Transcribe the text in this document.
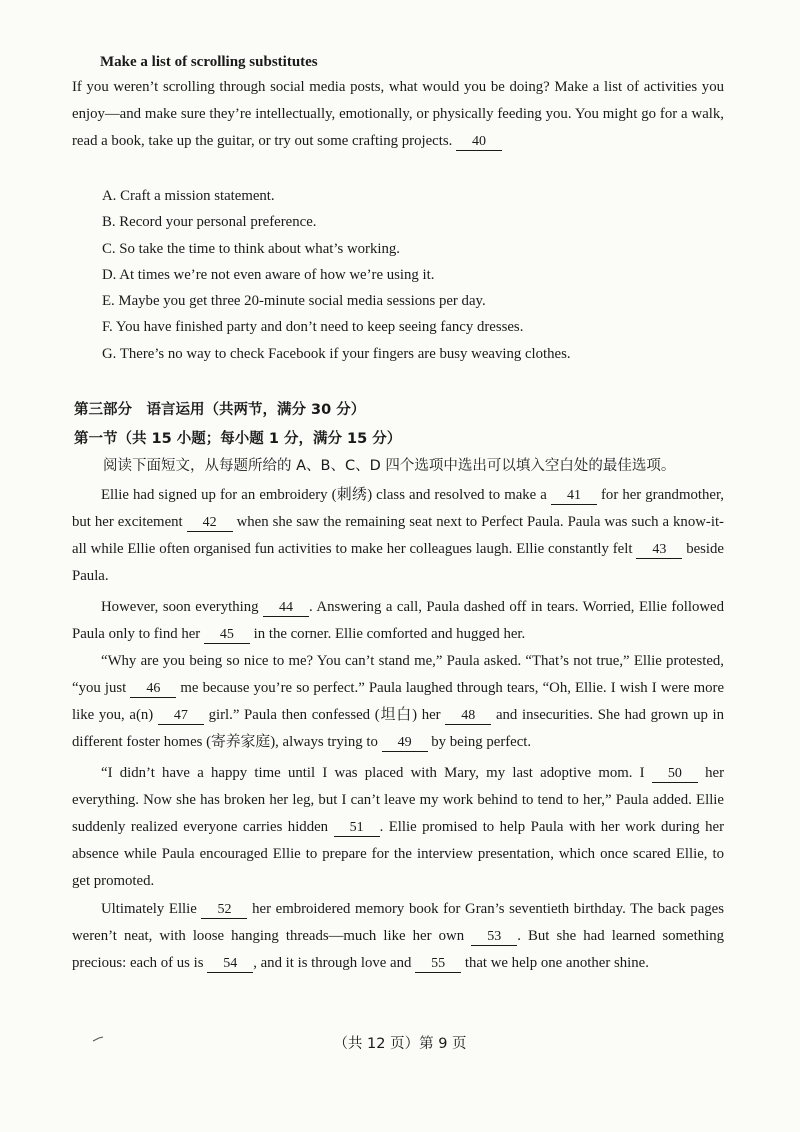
Make a list of scrolling substitutes

If you weren’t scrolling through social media posts, what would you be doing? Make a list of activities you enjoy—and make sure they’re intellectually, emotionally, or physically feeding you. You might go for a walk, read a book, take up the guitar, or try out some crafting projects. 40

A. Craft a mission statement.

B. Record your personal preference.

C. So take the time to think about what’s working.

D. At times we’re not even aware of how we’re using it.

E. Maybe you get three 20-minute social media sessions per day.

F. You have finished party and don’t need to keep seeing fancy dresses.

G. There’s no way to check Facebook if your fingers are busy weaving clothes.

第三部分　语言运用（共两节，满分 30 分）

第一节（共 15 小题；每小题 1 分，满分 15 分）

阅读下面短文，从每题所给的 A、B、C、D 四个选项中选出可以填入空白处的最佳选项。

Ellie had signed up for an embroidery (刺绣) class and resolved to make a 41 for her grandmother, but her excitement 42 when she saw the remaining seat next to Perfect Paula. Paula was such a know-it-all while Ellie often organised fun activities to make her colleagues laugh. Ellie constantly felt 43 beside Paula.

However, soon everything 44 . Answering a call, Paula dashed off in tears. Worried, Ellie followed Paula only to find her 45 in the corner. Ellie comforted and hugged her.

“Why are you being so nice to me? You can’t stand me,” Paula asked. “That’s not true,” Ellie protested, “you just 46 me because you’re so perfect.” Paula laughed through tears, “Oh, Ellie. I wish I were more like you, a(n) 47 girl.” Paula then confessed (坦白) her 48 and insecurities. She had grown up in different foster homes (寄养家庭), always trying to 49 by being perfect.

“I didn’t have a happy time until I was placed with Mary, my last adoptive mom. I 50 her everything. Now she has broken her leg, but I can’t leave my work behind to tend to her,” Paula added. Ellie suddenly realized everyone carries hidden 51 . Ellie promised to help Paula with her work during her absence while Paula encouraged Ellie to prepare for the interview presentation, which once scared Ellie, to get promoted.

Ultimately Ellie 52 her embroidered memory book for Gran’s seventieth birthday. The back pages weren’t neat, with loose hanging threads—much like her own 53 . But she had learned something precious: each of us is 54 , and it is through love and 55 that we help one another shine.

（共 12 页）第 9 页
